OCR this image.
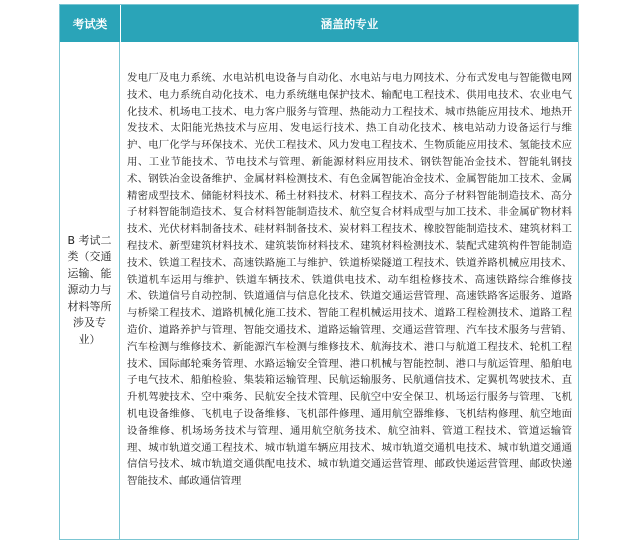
考试类	涵盖的专业
B 考试二类（交通运输、能源动力与材料等所涉及专业）
发电厂及电力系统、水电站机电设备与自动化、水电站与电力网技术、分布式发电与智能微电网技术、电力系统自动化技术、电力系统继电保护技术、输配电工程技术、供用电技术、农业电气化技术、机场电工技术、电力客户服务与管理、热能动力工程技术、城市热能应用技术、地热开发技术、太阳能光热技术与应用、发电运行技术、热工自动化技术、核电站动力设备运行与维护、电厂化学与环保技术、光伏工程技术、风力发电工程技术、生物质能应用技术、氢能技术应用、工业节能技术、节电技术与管理、新能源材料应用技术、钢铁智能冶金技术、智能轧钢技术、钢铁冶金设备维护、金属材料检测技术、有色金属智能冶金技术、金属智能加工技术、金属精密成型技术、储能材料技术、稀土材料技术、材料工程技术、高分子材料智能制造技术、高分子材料智能制造技术、复合材料智能制造技术、航空复合材料成型与加工技术、非金属矿物材料技术、光伏材料制备技术、硅材料制备技术、炭材料工程技术、橡胶智能制造技术、建筑材料工程技术、新型建筑材料技术、建筑装饰材料技术、建筑材料检测技术、装配式建筑构件智能制造技术、铁道工程技术、高速铁路施工与维护、铁道桥梁隧道工程技术、铁道养路机械应用技术、铁道机车运用与维护、铁道车辆技术、铁道供电技术、动车组检修技术、高速铁路综合维修技术、铁道信号自动控制、铁道通信与信息化技术、铁道交通运营管理、高速铁路客运服务、道路与桥梁工程技术、道路机械化施工技术、智能工程机械运用技术、道路工程检测技术、道路工程造价、道路养护与管理、智能交通技术、道路运输管理、交通运营管理、汽车技术服务与营销、汽车检测与维修技术、新能源汽车检测与维修技术、航海技术、港口与航道工程技术、轮机工程技术、国际邮轮乘务管理、水路运输安全管理、港口机械与智能控制、港口与航运管理、船舶电子电气技术、船舶检验、集装箱运输管理、民航运输服务、民航通信技术、定翼机驾驶技术、直升机驾驶技术、空中乘务、民航安全技术管理、民航空中安全保卫、机场运行服务与管理、飞机机电设备维修、飞机电子设备维修、飞机部件修理、通用航空器维修、飞机结构修理、航空地面设备维修、机场场务技术与管理、通用航空航务技术、航空油料、管道工程技术、管道运输管理、城市轨道交通工程技术、城市轨道车辆应用技术、城市轨道交通机电技术、城市轨道交通通信信号技术、城市轨道交通供配电技术、城市轨道交通运营管理、邮政快递运营管理、邮政快递智能技术、邮政通信管理
